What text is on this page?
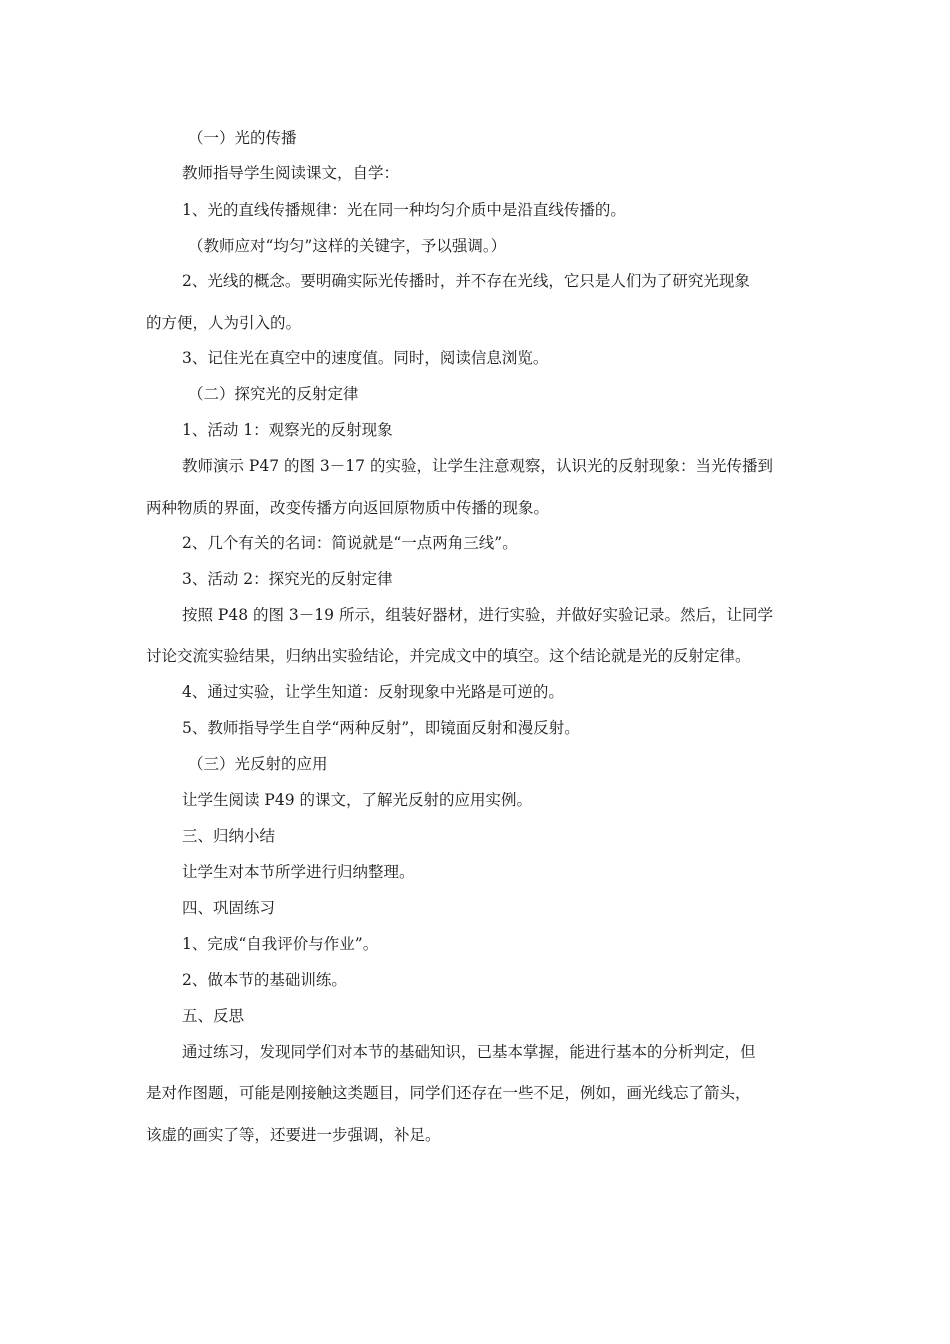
（一）光的传播

教师指导学生阅读课文，自学：

1、光的直线传播规律：光在同一种均匀介质中是沿直线传播的。

（教师应对“均匀”这样的关键字，予以强调。）

2、光线的概念。要明确实际光传播时，并不存在光线，它只是人们为了研究光现象

的方便，人为引入的。

3、记住光在真空中的速度值。同时，阅读信息浏览。

（二）探究光的反射定律

1、活动 1：观察光的反射现象

教师演示 P47 的图 3－17 的实验，让学生注意观察，认识光的反射现象：当光传播到

两种物质的界面，改变传播方向返回原物质中传播的现象。

2、几个有关的名词：简说就是“一点两角三线”。

3、活动 2：探究光的反射定律

按照 P48 的图 3－19 所示，组装好器材，进行实验，并做好实验记录。然后，让同学

讨论交流实验结果，归纳出实验结论，并完成文中的填空。这个结论就是光的反射定律。

4、通过实验，让学生知道：反射现象中光路是可逆的。

5、教师指导学生自学“两种反射”，即镜面反射和漫反射。

（三）光反射的应用

让学生阅读 P49 的课文，了解光反射的应用实例。

三、归纳小结

让学生对本节所学进行归纳整理。

四、巩固练习

1、完成“自我评价与作业”。

2、做本节的基础训练。

五、反思

通过练习，发现同学们对本节的基础知识，已基本掌握，能进行基本的分析判定，但

是对作图题，可能是刚接触这类题目，同学们还存在一些不足，例如，画光线忘了箭头，

该虚的画实了等，还要进一步强调，补足。
